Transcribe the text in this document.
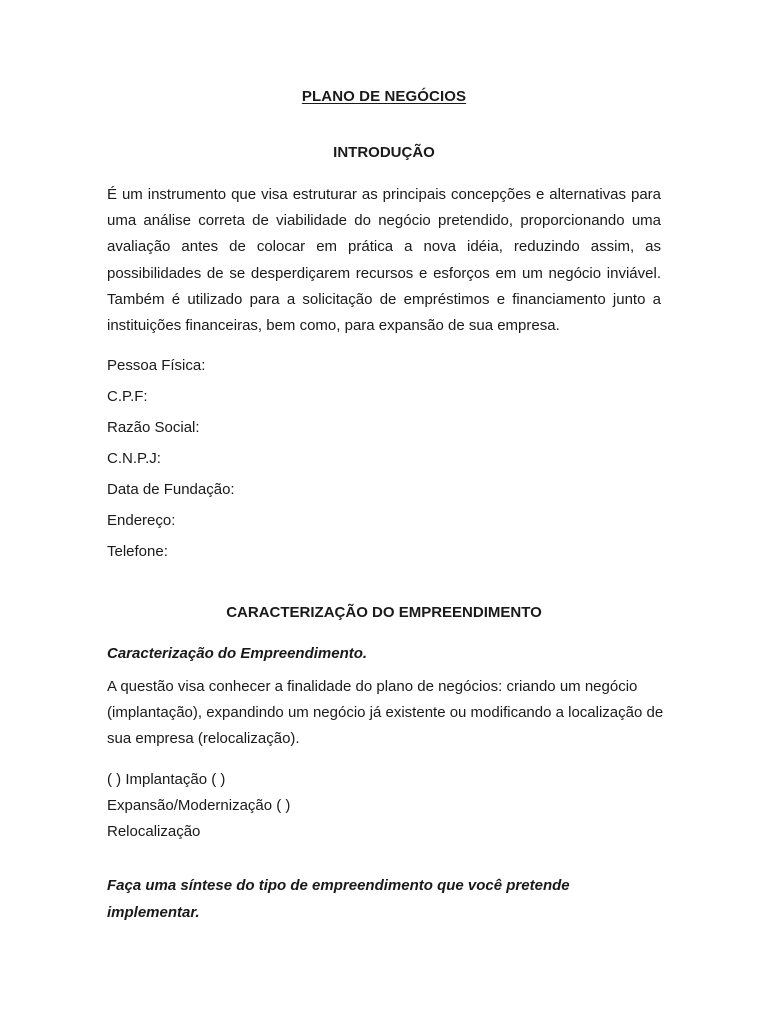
PLANO DE NEGÓCIOS
INTRODUÇÃO
É um instrumento que visa estruturar as principais concepções e alternativas para uma análise correta de viabilidade do negócio pretendido, proporcionando uma avaliação antes de colocar em prática a nova idéia, reduzindo assim, as possibilidades de se desperdiçarem recursos e esforços em um negócio inviável. Também é utilizado para a solicitação de empréstimos e financiamento junto a instituições financeiras, bem como, para expansão de sua empresa.
Pessoa Física:
C.P.F:
Razão Social:
C.N.P.J:
Data de Fundação:
Endereço:
Telefone:
CARACTERIZAÇÃO DO EMPREENDIMENTO
Caracterização do Empreendimento.
A questão visa conhecer a finalidade do plano de negócios: criando um negócio (implantação), expandindo um negócio já existente ou modificando a localização de sua empresa (relocalização).
( ) Implantação ( )
Expansão/Modernização ( )
Relocalização
Faça uma síntese do tipo de empreendimento que você pretende implementar.
